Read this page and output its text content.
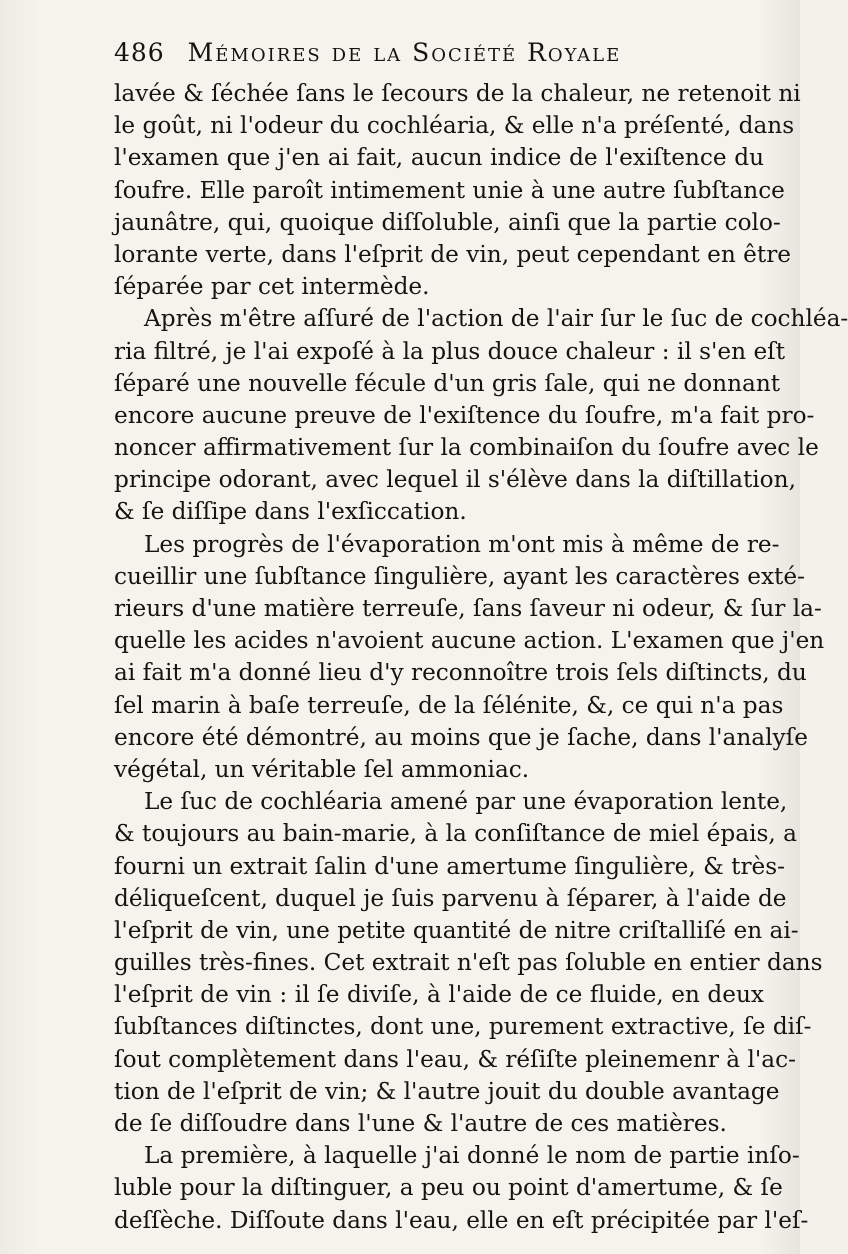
486 Mémoires de la Société Royale
lavée & ſéchée ſans le ſecours de la chaleur, ne retenoit ni
le goût, ni l'odeur du cochléaria, & elle n'a préſenté, dans
l'examen que j'en ai fait, aucun indice de l'exiſtence du
ſoufre. Elle paroît intimement unie à une autre ſubſtance
jaunâtre, qui, quoique diſſoluble, ainſi que la partie colo-
lorante verte, dans l'eſprit de vin, peut cependant en être
ſéparée par cet intermède.
Après m'être aſſuré de l'action de l'air ſur le ſuc de cochléa-
ria filtré, je l'ai expoſé à la plus douce chaleur : il s'en eſt
ſéparé une nouvelle fécule d'un gris ſale, qui ne donnant
encore aucune preuve de l'exiſtence du ſoufre, m'a fait pro-
noncer affirmativement ſur la combinaiſon du ſoufre avec le
principe odorant, avec lequel il s'élève dans la diſtillation,
& ſe diſſipe dans l'exſiccation.
Les progrès de l'évaporation m'ont mis à même de re-
cueillir une ſubſtance ſingulière, ayant les caractères exté-
rieurs d'une matière terreuſe, ſans ſaveur ni odeur, & ſur la-
quelle les acides n'avoient aucune action. L'examen que j'en
ai fait m'a donné lieu d'y reconnoître trois ſels diſtincts, du
ſel marin à baſe terreuſe, de la ſélénite, &, ce qui n'a pas
encore été démontré, au moins que je ſache, dans l'analyſe
végétal, un véritable ſel ammoniac.
Le ſuc de cochléaria amené par une évaporation lente,
& toujours au bain-marie, à la conſiſtance de miel épais, a
fourni un extrait ſalin d'une amertume ſingulière, & très-
déliqueſcent, duquel je ſuis parvenu à ſéparer, à l'aide de
l'eſprit de vin, une petite quantité de nitre criſtalliſé en ai-
guilles très-fines. Cet extrait n'eſt pas ſoluble en entier dans
l'eſprit de vin : il ſe diviſe, à l'aide de ce fluide, en deux
ſubſtances diſtinctes, dont une, purement extractive, ſe diſ-
ſout complètement dans l'eau, & réſiſte pleinemenr à l'ac-
tion de l'eſprit de vin; & l'autre jouit du double avantage
de ſe diſſoudre dans l'une & l'autre de ces matières.
La première, à laquelle j'ai donné le nom de partie inſo-
luble pour la diſtinguer, a peu ou point d'amertume, & ſe
deſſèche. Diſſoute dans l'eau, elle en eſt précipitée par l'eſ-
